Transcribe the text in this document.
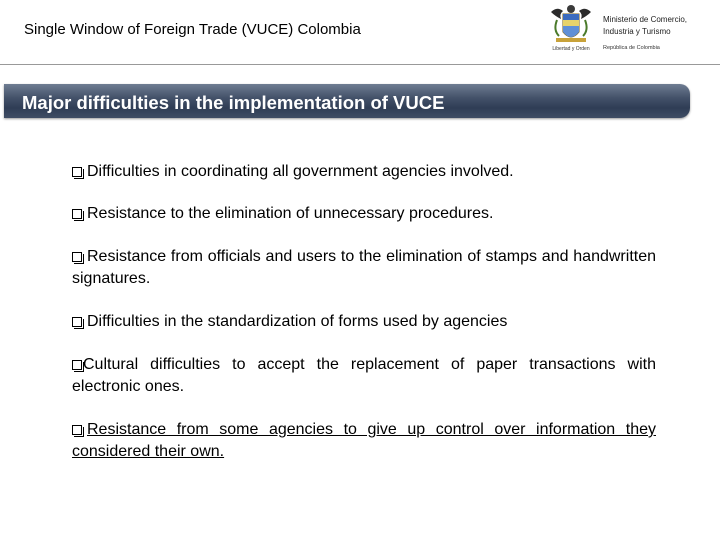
Single Window of Foreign Trade (VUCE) Colombia
Libertad y Orden
Ministerio de Comercio,
Industria y Turismo
República de Colombia
Major difficulties in the implementation of VUCE
Difficulties in coordinating all government agencies involved.
Resistance to the elimination of unnecessary procedures.
Resistance from officials and users to the elimination of stamps and handwritten signatures.
Difficulties in the standardization of forms used by agencies
Cultural difficulties to accept the replacement of paper transactions with electronic ones.
Resistance from some agencies to give up control over information they considered their own.
